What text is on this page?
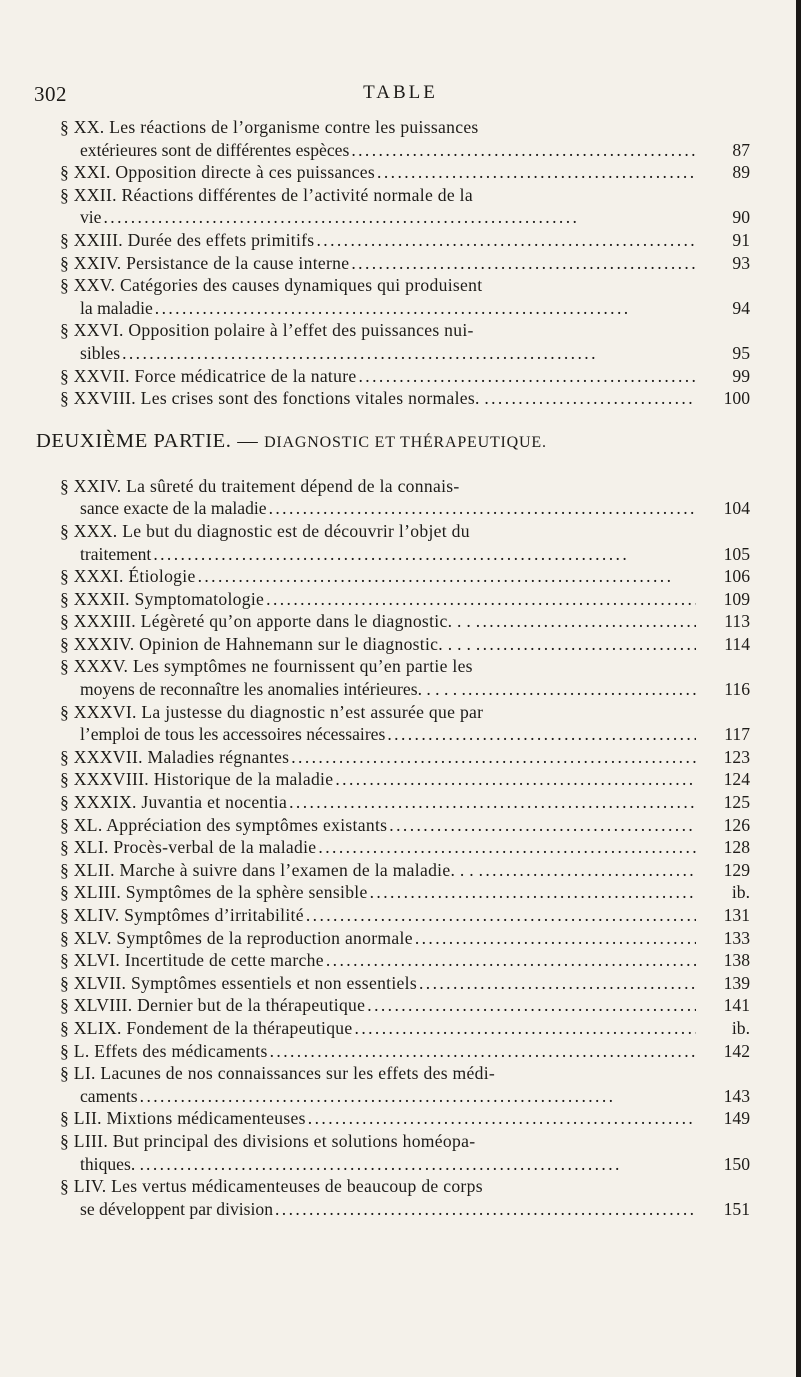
302	TABLE
§ XX. Les réactions de l’organisme contre les puissances
extérieures sont de différentes espèces . . .	87
§ XXI. Opposition directe à ces puissances . . .	89
§ XXII. Réactions différentes de l’activité normale de la
vie . . .	90
§ XXIII. Durée des effets primitifs . . .	91
§ XXIV. Persistance de la cause interne . . .	93
§ XXV. Catégories des causes dynamiques qui produisent
la maladie . . .	94
§ XXVI. Opposition polaire à l’effet des puissances nui-
sibles . . .	95
§ XXVII. Force médicatrice de la nature . . .	99
§ XXVIII. Les crises sont des fonctions vitales normales. . . . .	100
DEUXIÈME PARTIE. — DIAGNOSTIC ET THÉRAPEUTIQUE.
§ XXIV. La sûreté du traitement dépend de la connais-
sance exacte de la maladie . . .	104
§ XXX. Le but du diagnostic est de découvrir l’objet du
traitement . . .	105
§ XXXI. Étiologie . . .	106
§ XXXII. Symptomatologie . . .	109
§ XXXIII. Légèreté qu’on apporte dans le diagnostic. . . . . . .	113
§ XXXIV. Opinion de Hahnemann sur le diagnostic. . . . . . . .	114
§ XXXV. Les symptômes ne fournissent qu’en partie les
moyens de reconnaître les anomalies intérieures. . . . . . . . .	116
§ XXXVI. La justesse du diagnostic n’est assurée que par
l’emploi de tous les accessoires nécessaires . . .	117
§ XXXVII. Maladies régnantes . . .	123
§ XXXVIII. Historique de la maladie . . .	124
§ XXXIX. Juvantia et nocentia . . .	125
§ XL. Appréciation des symptômes existants . . .	126
§ XLI. Procès-verbal de la maladie . . .	128
§ XLII. Marche à suivre dans l’examen de la maladie. . . . . . .	129
§ XLIII. Symptômes de la sphère sensible . . .	ib.
§ XLIV. Symptômes d’irritabilité . . .	131
§ XLV. Symptômes de la reproduction anormale . . .	133
§ XLVI. Incertitude de cette marche . . .	138
§ XLVII. Symptômes essentiels et non essentiels . . .	139
§ XLVIII. Dernier but de la thérapeutique . . .	141
§ XLIX. Fondement de la thérapeutique . . .	ib.
§ L. Effets des médicaments . . .	142
§ LI. Lacunes de nos connaissances sur les effets des médi-
caments . . .	143
§ LII. Mixtions médicamenteuses . . .	149
§ LIII. But principal des divisions et solutions homéopa-
thiques. . . . .	150
§ LIV. Les vertus médicamenteuses de beaucoup de corps
se développent par division . . .	151
